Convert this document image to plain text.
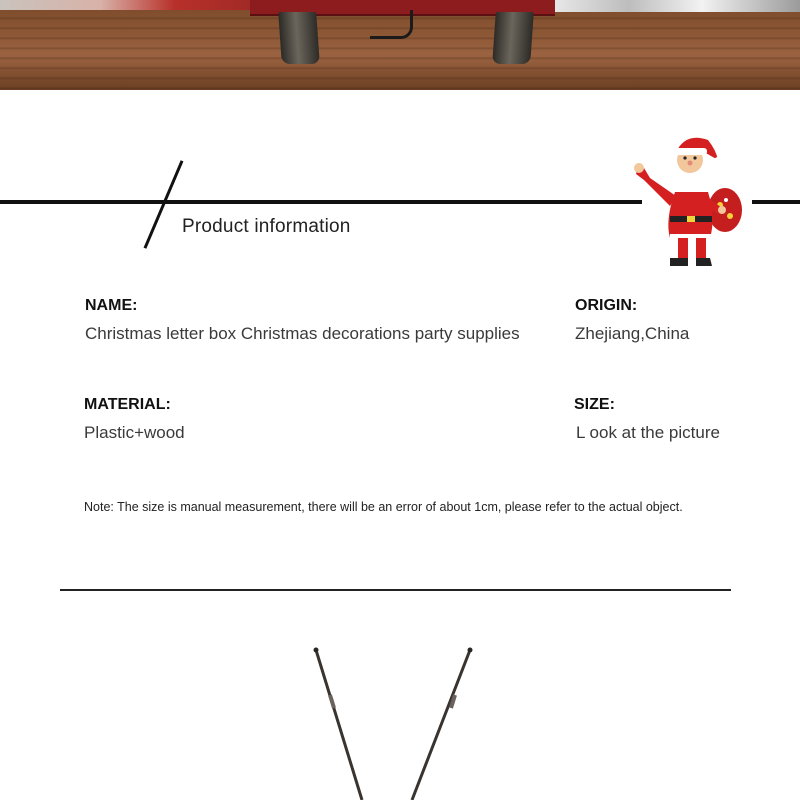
Product information
NAME:
Christmas letter box Christmas decorations party supplies
ORIGIN:
Zhejiang,China
MATERIAL:
Plastic+wood
SIZE:
L ook at the picture
Note: The size is manual measurement, there will be an error of about 1cm, please refer to the actual object.
